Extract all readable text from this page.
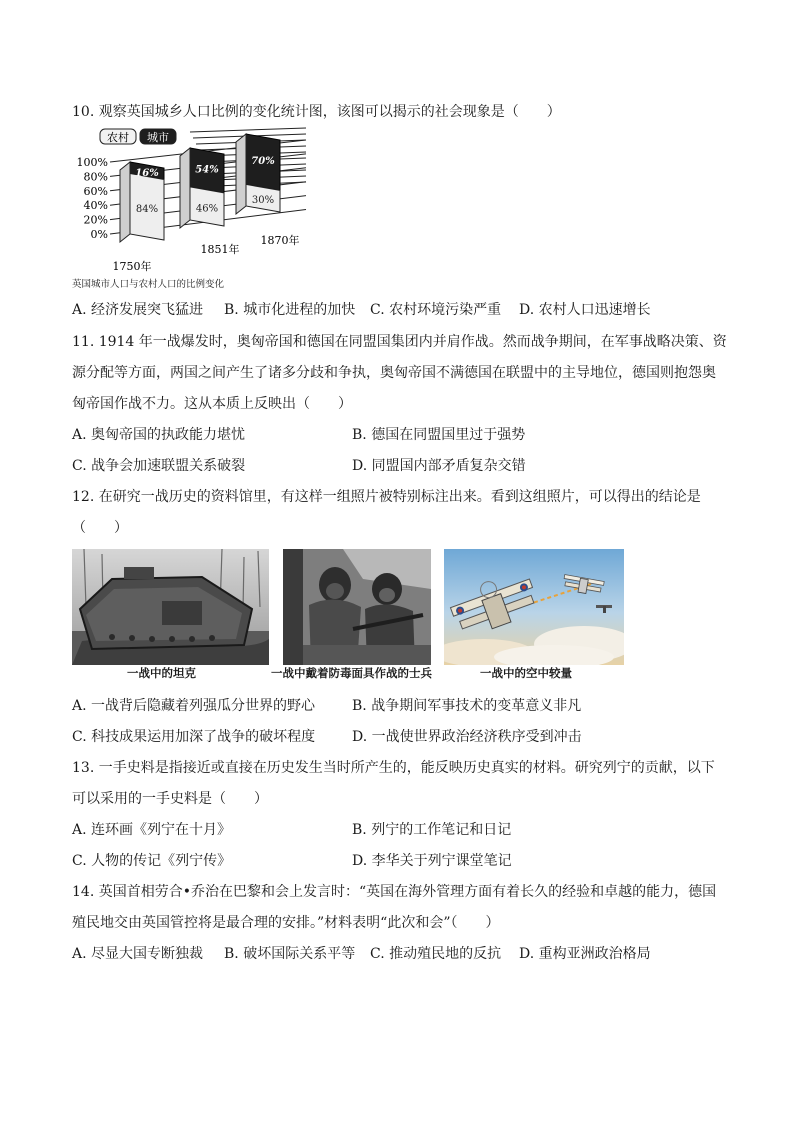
10. 观察英国城乡人口比例的变化统计图，该图可以揭示的社会现象是（　　）
农村 城市
100%
80%
60%
40%
20%
0%
16%
84%
1750年
54%
46%
1851年
70%
30%
1870年
英国城市人口与农村人口的比例变化
A. 经济发展突飞猛进 B. 城市化进程的加快 C. 农村环境污染严重 D. 农村人口迅速增长
11. 1914 年一战爆发时，奥匈帝国和德国在同盟国集团内并肩作战。然而战争期间，在军事战略决策、资
源分配等方面，两国之间产生了诸多分歧和争执，奥匈帝国不满德国在联盟中的主导地位，德国则抱怨奥
匈帝国作战不力。这从本质上反映出（　　）
A. 奥匈帝国的执政能力堪忧	B. 德国在同盟国里过于强势
C. 战争会加速联盟关系破裂	D. 同盟国内部矛盾复杂交错
12. 在研究一战历史的资料馆里，有这样一组照片被特别标注出来。看到这组照片，可以得出的结论是
（　　）
一战中的坦克	一战中戴着防毒面具作战的士兵	一战中的空中较量
A. 一战背后隐藏着列强瓜分世界的野心	B. 战争期间军事技术的变革意义非凡
C. 科技成果运用加深了战争的破坏程度	D. 一战使世界政治经济秩序受到冲击
13. 一手史料是指接近或直接在历史发生当时所产生的，能反映历史真实的材料。研究列宁的贡献，以下
可以采用的一手史料是（　　）
A. 连环画《列宁在十月》	B. 列宁的工作笔记和日记
C. 人物的传记《列宁传》	D. 李华关于列宁课堂笔记
14. 英国首相劳合•乔治在巴黎和会上发言时：“英国在海外管理方面有着长久的经验和卓越的能力，德国
殖民地交由英国管控将是最合理的安排。”材料表明“此次和会”（　　）
A. 尽显大国专断独裁 B. 破坏国际关系平等 C. 推动殖民地的反抗 D. 重构亚洲政治格局
